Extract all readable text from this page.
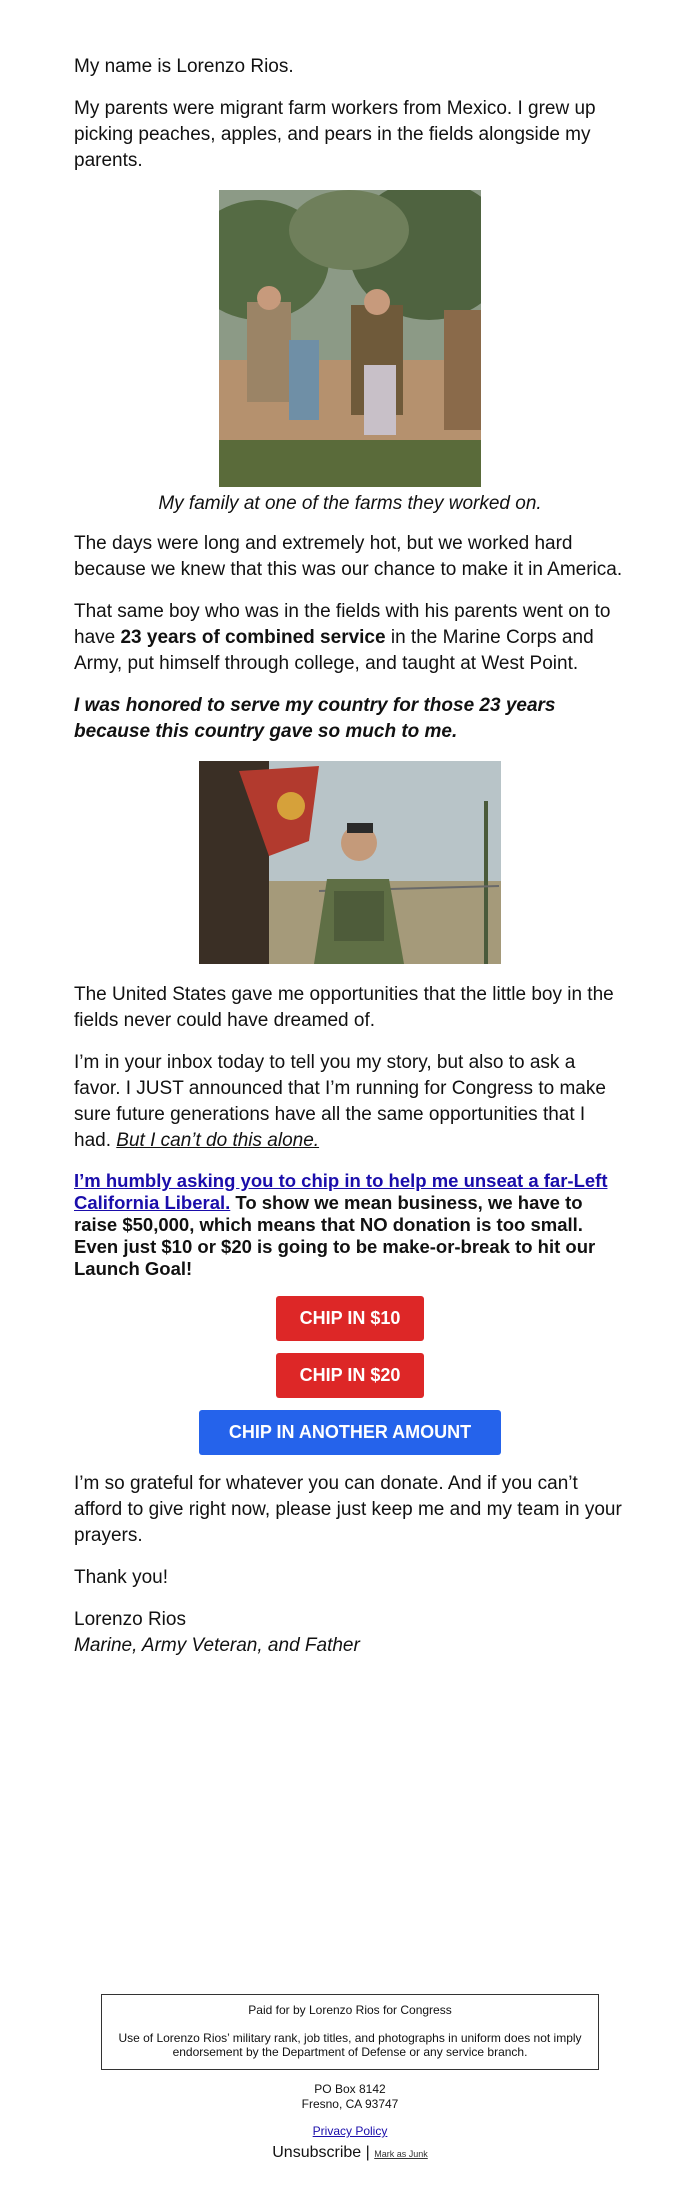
My name is Lorenzo Rios.

My parents were migrant farm workers from Mexico. I grew up picking peaches, apples, and pears in the fields alongside my parents.

My family at one of the farms they worked on.

The days were long and extremely hot, but we worked hard because we knew that this was our chance to make it in America.

That same boy who was in the fields with his parents went on to have 23 years of combined service in the Marine Corps and Army, put himself through college, and taught at West Point.

I was honored to serve my country for those 23 years because this country gave so much to me.

The United States gave me opportunities that the little boy in the fields never could have dreamed of.

I’m in your inbox today to tell you my story, but also to ask a favor. I JUST announced that I’m running for Congress to make sure future generations have all the same opportunities that I had. But I can’t do this alone.

I’m humbly asking you to chip in to help me unseat a far-Left California Liberal. To show we mean business, we have to raise $50,000, which means that NO donation is too small. Even just $10 or $20 is going to be make-or-break to hit our Launch Goal!

CHIP IN $10
CHIP IN $20
CHIP IN ANOTHER AMOUNT

I’m so grateful for whatever you can donate. And if you can’t afford to give right now, please just keep me and my team in your prayers.

Thank you!

Lorenzo Rios

Marine, Army Veteran, and Father

Paid for by Lorenzo Rios for Congress
Use of Lorenzo Rios’ military rank, job titles, and photographs in uniform does not imply endorsement by the Department of Defense or any service branch.
PO Box 8142
Fresno, CA 93747
Privacy Policy
Unsubscribe | Mark as Junk
